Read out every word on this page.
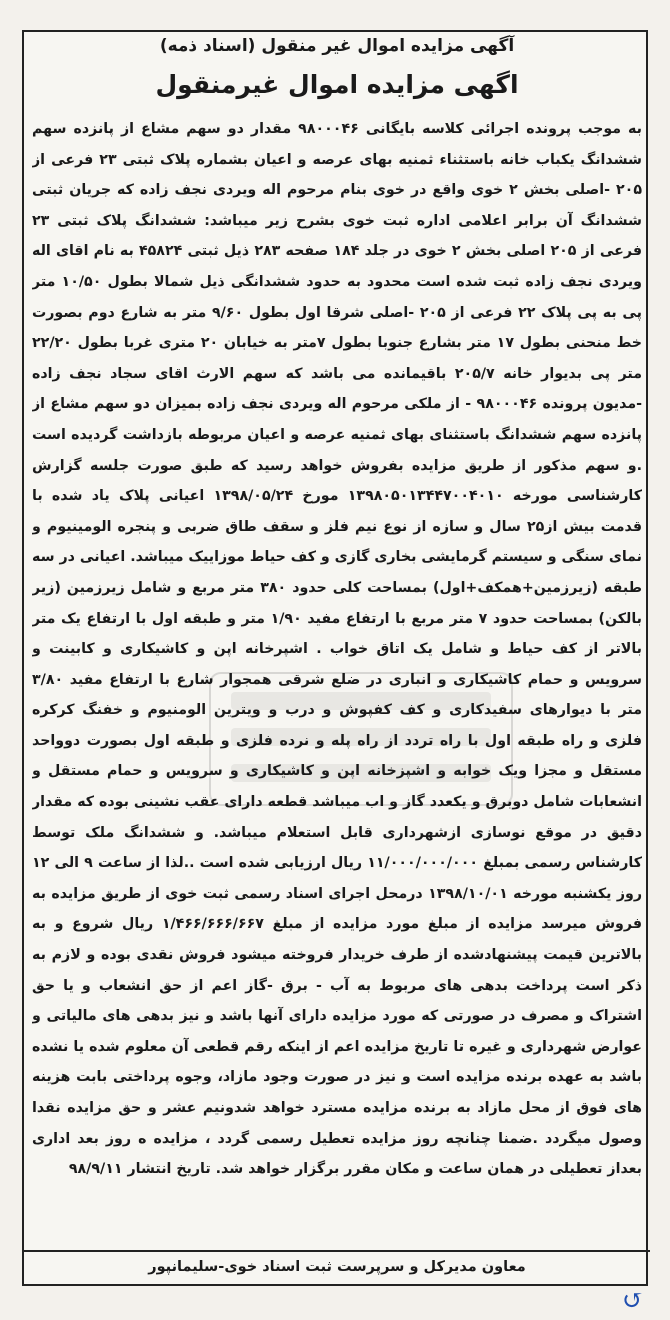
آگهی مزایده اموال غیر منقول (اسناد ذمه)
اگهی مزایده اموال غیرمنقول

به موجب پرونده اجرائی کلاسه بایگانی ۹۸۰۰۰۴۶ مقدار دو سهم مشاع از پانزده سهم ششدانگ یکباب خانه باستثناء ثمنیه بهای عرصه و اعیان بشماره پلاک ثبتی ۲۳ فرعی از ۲۰۵ -اصلی بخش ۲ خوی واقع در خوی بنام مرحوم اله ویردی نجف زاده که جریان ثبتی ششدانگ آن برابر اعلامی اداره ثبت خوی بشرح زیر میباشد: ششدانگ پلاک ثبتی ۲۳ فرعی از ۲۰۵ اصلی بخش ۲ خوی در جلد ۱۸۴ صفحه ۲۸۳ ذیل ثبتی ۴۵۸۲۴ به نام اقای اله ویردی نجف زاده ثبت شده است محدود به حدود ششدانگی ذیل شمالا بطول ۱۰/۵۰ متر پی به پی پلاک ۲۲ فرعی از ۲۰۵ -اصلی شرقا اول بطول ۹/۶۰ متر به شارع دوم بصورت خط منحنی بطول ۱۷ متر بشارع جنوبا بطول ۷متر به خیابان ۲۰ متری غربا بطول ۲۲/۲۰ متر پی بدیوار خانه ۲۰۵/۷ باقیمانده می باشد که سهم الارث اقای سجاد نجف زاده -مدیون پرونده ۹۸۰۰۰۴۶ - از ملکی مرحوم اله ویردی نجف زاده بمیزان دو سهم مشاع از پانزده سهم ششدانگ باستثنای بهای ثمنیه عرصه و اعیان مربوطه بازداشت گردیده است .و سهم مذکور از طریق مزایده بفروش خواهد رسید که طبق صورت جلسه گزارش کارشناسی مورخه ۱۳۹۸۰۵۰۱۳۴۴۷۰۰۴۰۱۰ مورخ ۱۳۹۸/۰۵/۲۴ اعیانی پلاک یاد شده با قدمت بیش از۲۵ سال و سازه از نوع نیم فلز و سقف طاق ضربی و پنجره الومینیوم و نمای سنگی و سیستم گرمایشی بخاری گازی و کف حیاط موزاییک میباشد. اعیانی در سه طبقه (زیرزمین+همکف+اول) بمساحت کلی حدود ۳۸۰ متر مربع و شامل زیرزمین (زیر بالکن) بمساحت حدود ۷ متر مربع با ارتفاع مفید ۱/۹۰ متر و طبقه اول با ارتفاع یک متر بالاتر از کف حیاط و شامل یک اتاق خواب . اشپرخانه اپن و کاشیکاری و کابینت و سرویس و حمام کاشیکاری و انباری در ضلع شرقی همجوار شارع با ارتفاع مفید ۳/۸۰ متر با دیوارهای سفیدکاری و کف کفپوش و درب و ویترین الومنیوم و خفنگ کرکره فلزی و راه طبقه اول با راه تردد از راه پله و نرده فلزی و طبقه اول بصورت دوواحد مستقل و مجزا ویک خوابه و اشپزخانه اپن و کاشیکاری و سرویس و حمام مستقل و انشعابات شامل دوبرق و یکعدد گاز و اب میباشد قطعه دارای عقب نشینی بوده که مقدار دقیق در موقع نوسازی ازشهرداری قابل استعلام میباشد. و ششدانگ ملک توسط کارشناس رسمی بمبلغ ۱۱/۰۰۰/۰۰۰/۰۰۰ ریال ارزیابی شده است ..لذا از ساعت ۹ الی ۱۲ روز یکشنبه مورخه ۱۳۹۸/۱۰/۰۱ درمحل اجرای اسناد رسمی ثبت خوی از طریق مزایده به فروش میرسد مزایده از مبلغ مورد مزایده از مبلغ ۱/۴۶۶/۶۶۶/۶۶۷ ریال شروع و به بالاترین قیمت پیشنهادشده از طرف خریدار فروخته میشود فروش نقدی بوده و لازم به ذکر است پرداخت بدهی های مربوط به آب - برق -گاز اعم از حق انشعاب و یا حق اشتراک و مصرف در صورتی که مورد مزایده دارای آنها باشد و نیز بدهی های مالیاتی و عوارض شهرداری و غیره تا تاریخ مزایده اعم از اینکه رقم قطعی آن معلوم شده یا نشده باشد به عهده برنده مزایده است و نیز در صورت وجود مازاد، وجوه پرداختی بابت هزینه های فوق از محل مازاد به برنده مزایده مسترد خواهد شدونیم عشر و حق مزایده نقدا وصول میگردد .ضمنا چنانچه روز مزایده تعطیل رسمی گردد ، مزایده ه روز بعد اداری بعداز تعطیلی در همان ساعت و مکان مقرر برگزار خواهد شد. تاریخ انتشار ۹۸/۹/۱۱

معاون مدیرکل و سرپرست ثبت اسناد خوی-سلیمانپور
↺
